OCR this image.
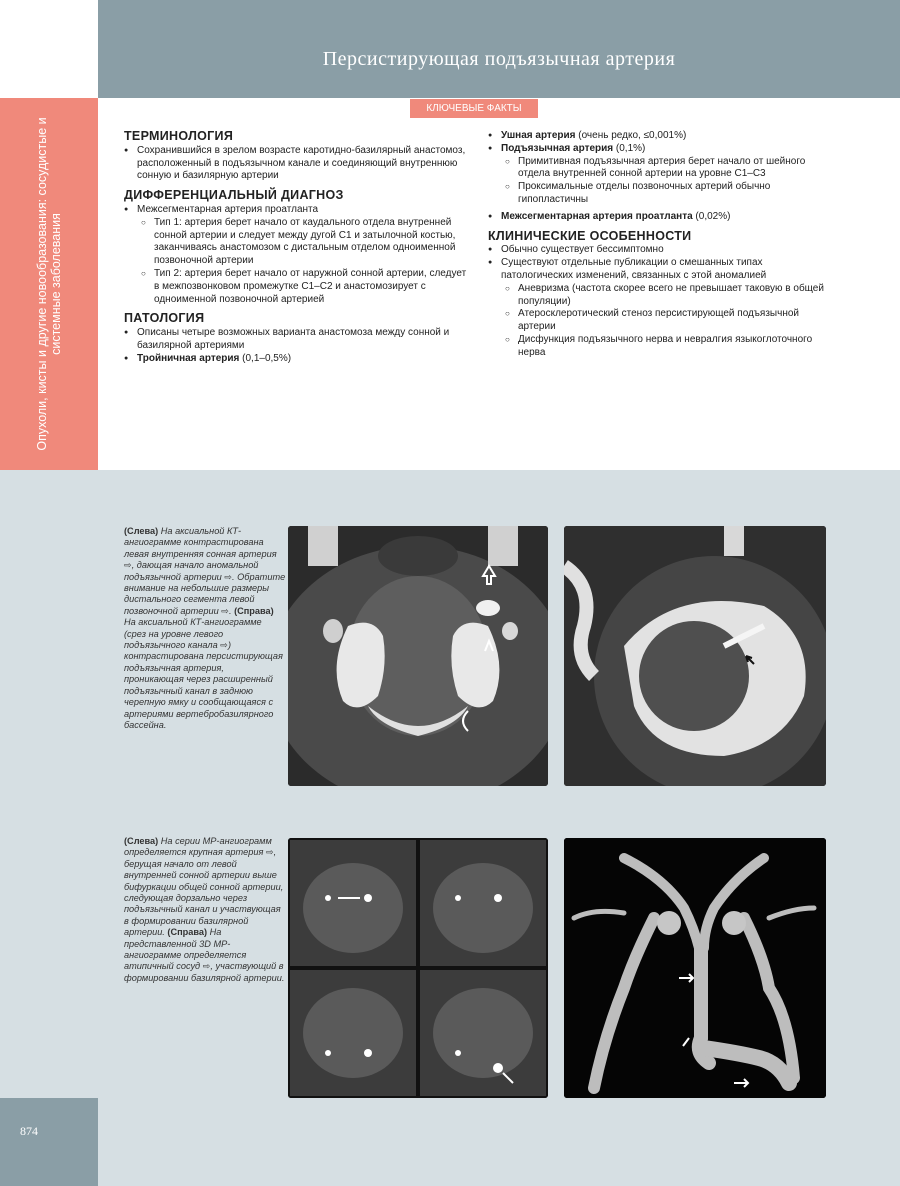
Персистирующая подъязычная артерия
Опухоли, кисты и другие новообразования: сосудистые и системные заболевания
874
ТЕРМИНОЛОГИЯ
● Сохранившийся в зрелом возрасте каротидно-базилярный анастомоз, расположенный в подъязычном канале и соединяющий внутреннюю сонную и базилярную артерии
ДИФФЕРЕНЦИАЛЬНЫЙ ДИАГНОЗ
● Межсегментарная артерия проатланта
○ Тип 1: артерия берет начало от каудального отдела внутренней сонной артерии и следует между дугой С1 и затылочной костью, заканчиваясь анастомозом с дистальным отделом одноименной позвоночной артерии
○ Тип 2: артерия берет начало от наружной сонной артерии, следует в межпозвонковом промежутке С1–С2 и анастомозирует с одноименной позвоночной артерией
ПАТОЛОГИЯ
● Описаны четыре возможных варианта анастомоза между сонной и базилярной артериями
● Тройничная артерия (0,1–0,5%)
● Ушная артерия (очень редко, ≤0,001%)
● Подъязычная артерия (0,1%)
○ Примитивная подъязычная артерия берет начало от шейного отдела внутренней сонной артерии на уровне С1–С3
○ Проксимальные отделы позвоночных артерий обычно гипопластичны
● Межсегментарная артерия проатланта (0,02%)
КЛИНИЧЕСКИЕ ОСОБЕННОСТИ
● Обычно существует бессимптомно
● Существуют отдельные публикации о смешанных типах патологических изменений, связанных с этой аномалией
○ Аневризма (частота скорее всего не превышает таковую в общей популяции)
○ Атеросклеротический стеноз персистирующей подъязычной артерии
○ Дисфункция подъязычного нерва и невралгия языкоглоточного нерва
КЛЮЧЕВЫЕ ФАКТЫ
(Слева) На аксиальной КТ-ангиограмме контрастирована левая внутренняя сонная артерия ⇨, дающая начало аномальной подъязычной артерии ⇨. Обратите внимание на небольшие размеры дистального сегмента левой позвоночной артерии ⇨. (Справа) На аксиальной КТ-ангиограмме (срез на уровне левого подъязычного канала ⇨) контрастирована персистирующая подъязычная артерия, проникающая через расширенный подъязычный канал в заднюю черепную ямку и сообщающаяся с артериями вертебробазилярного бассейна.
(Слева) На серии МР-ангиограмм определяется крупная артерия ⇨, берущая начало от левой внутренней сонной артерии выше бифуркации общей сонной артерии, следующая дорзально через подъязычный канал и участвующая в формировании базилярной артерии. (Справа) На представленной 3D МР-ангиограмме определяется атипичный сосуд ⇨, участвующий в формировании базилярной артерии.
